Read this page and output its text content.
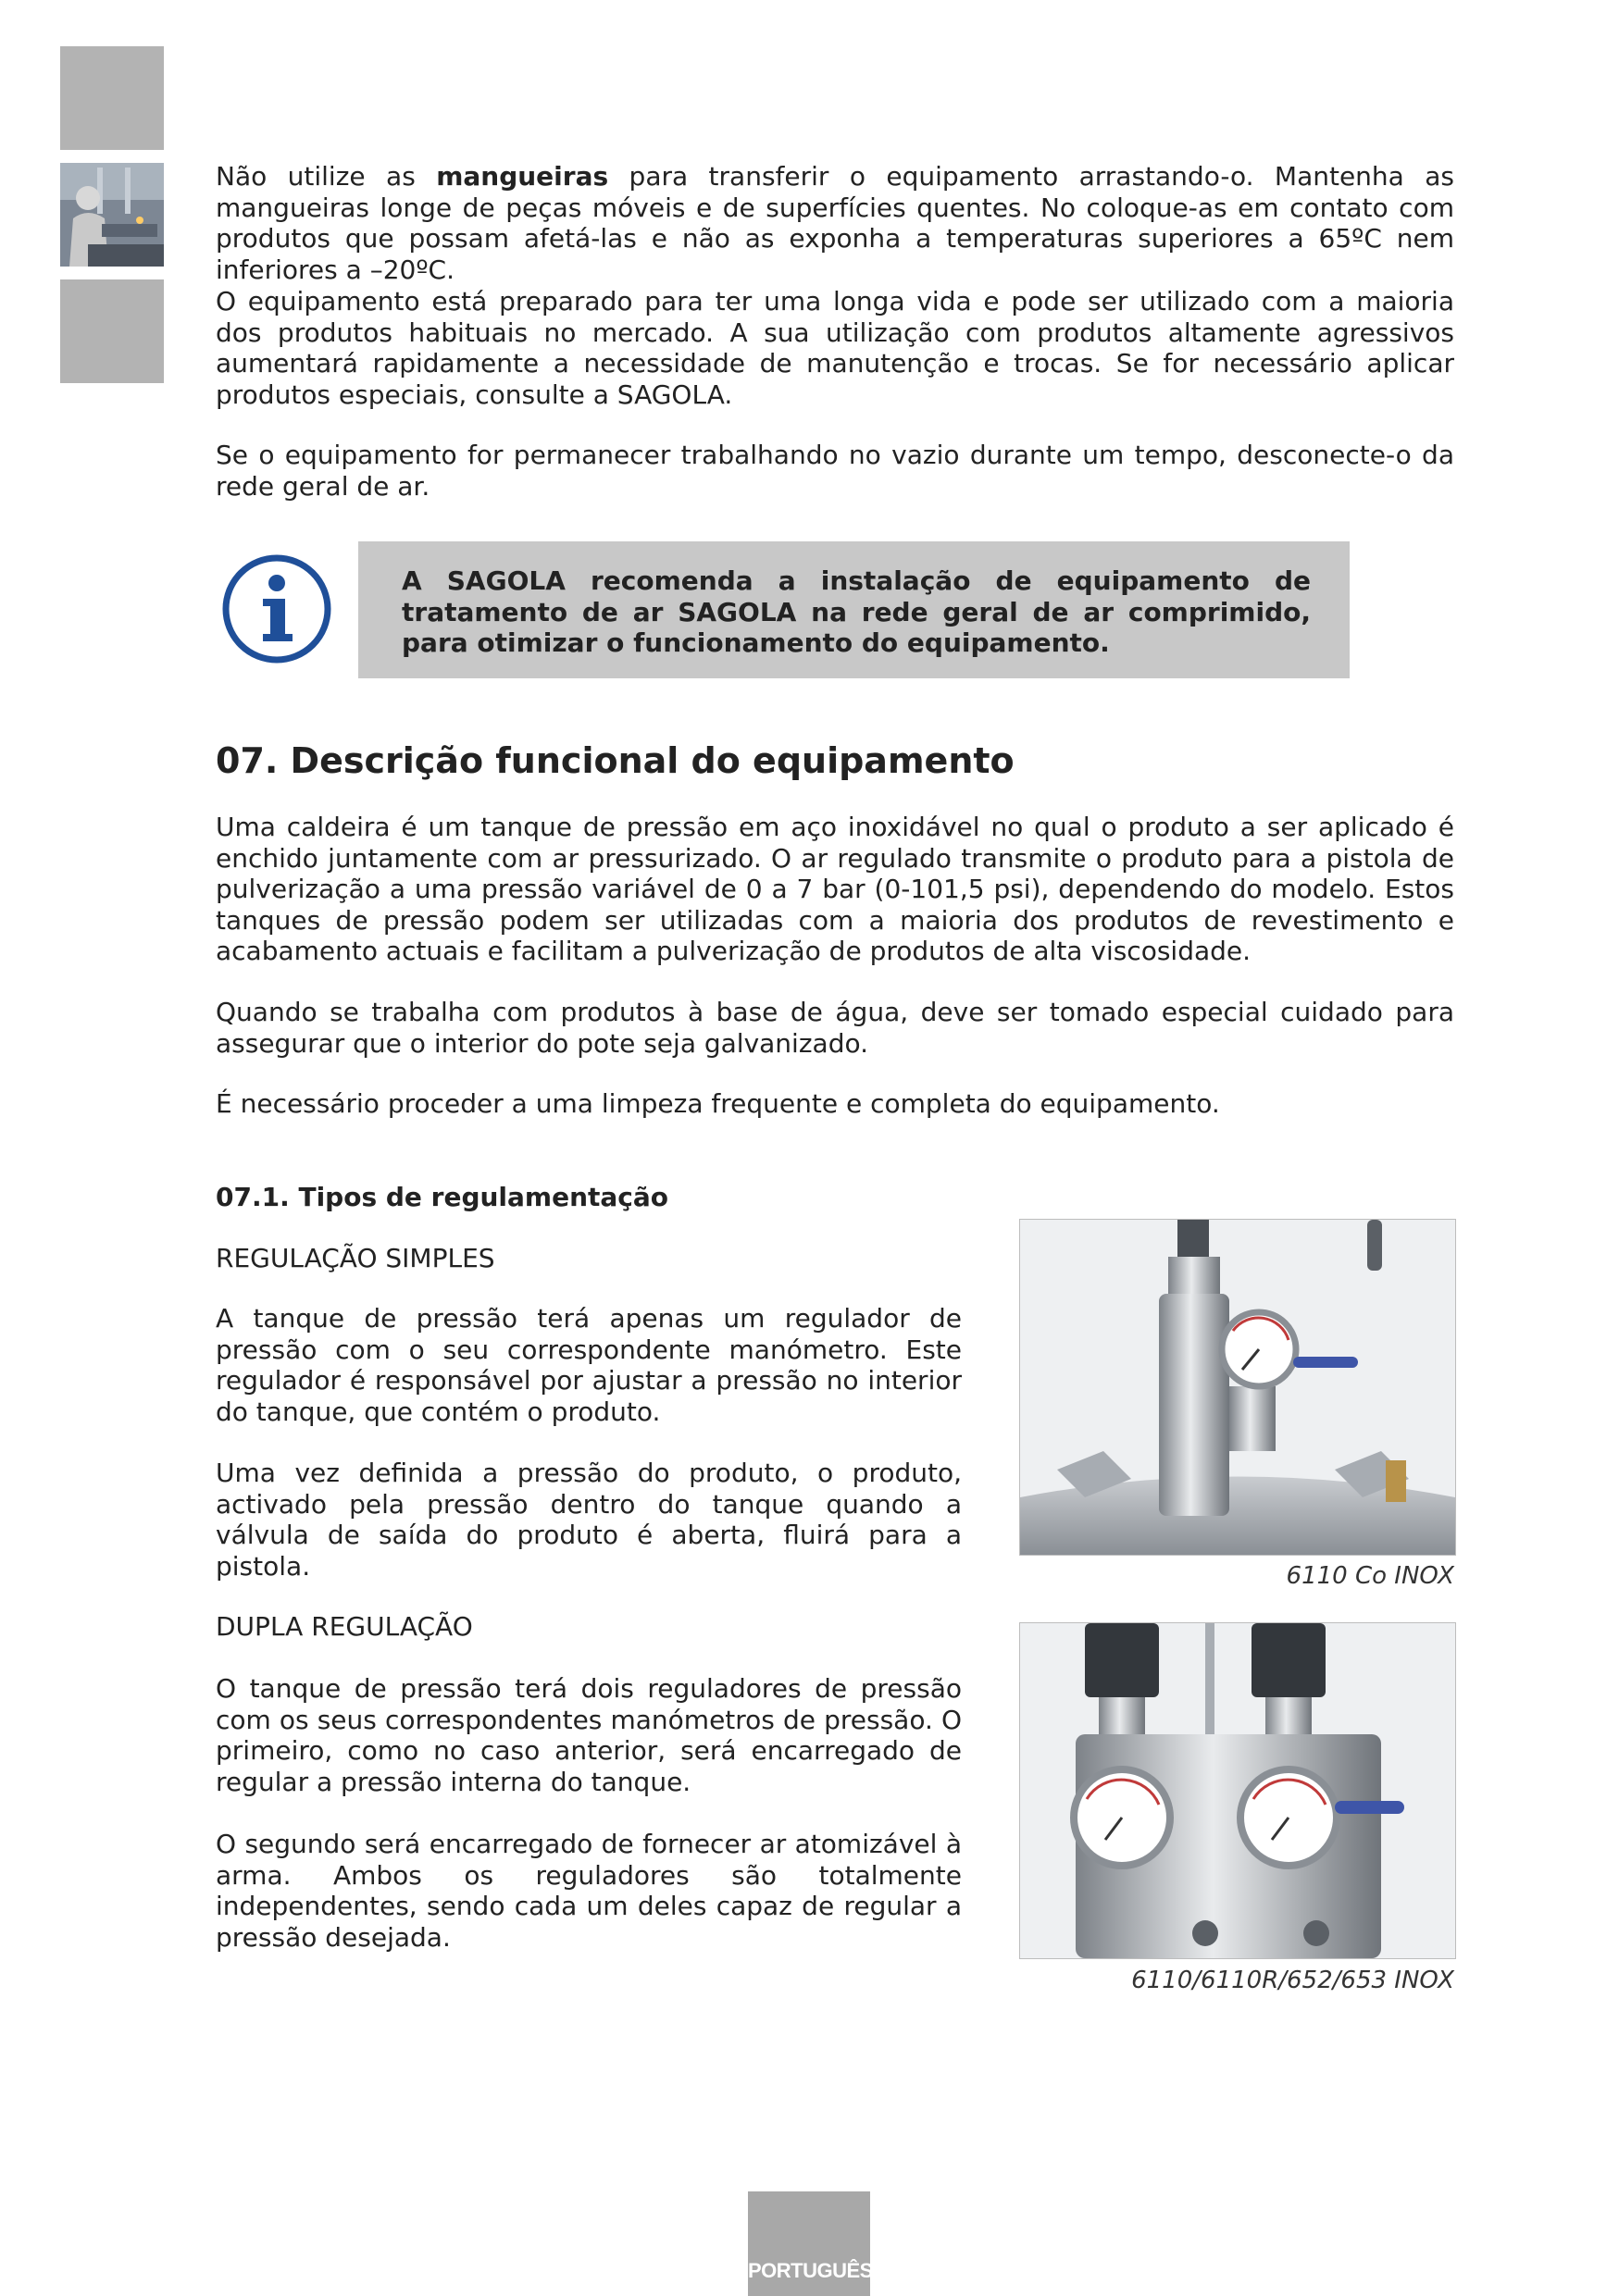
Não utilize as mangueiras para transferir o equipamento arrastando-o. Mantenha as mangueiras longe de peças móveis e de superfícies quentes. No coloque-as em contato com produtos que possam afetá-las e não as exponha a temperaturas superiores a 65ºC nem inferiores a –20ºC.

O equipamento está preparado para ter uma longa vida e pode ser utilizado com a maioria dos produtos habituais no mercado. A sua utilização com produtos altamente agressivos aumentará rapidamente a necessidade de manutenção e trocas. Se for necessário aplicar produtos especiais, consulte a SAGOLA.

Se o equipamento for permanecer trabalhando no vazio durante um tempo, desconecte-o da rede geral de ar.

A SAGOLA recomenda a instalação de equipamento de tratamento de ar SAGOLA na rede geral de ar comprimido, para otimizar o funcionamento do equipamento.

07. Descrição funcional do equipamento

Uma caldeira é um tanque de pressão em aço inoxidável no qual o produto a ser aplicado é enchido juntamente com ar pressurizado. O ar regulado transmite o produto para a pistola de pulverização a uma pressão variável de 0 a 7 bar (0-101,5 psi), dependendo do modelo. Estos tanques de pressão podem ser utilizadas com a maioria dos produtos de revestimento e acabamento actuais e facilitam a pulverização de produtos de alta viscosidade.

Quando se trabalha com produtos à base de água, deve ser tomado especial cuidado para assegurar que o interior do pote seja galvanizado.

É necessário proceder a uma limpeza frequente e completa do equipamento.

07.1. Tipos de regulamentação

REGULAÇÃO SIMPLES

A tanque de pressão terá apenas um regulador de pressão com o seu correspondente manómetro. Este regulador é responsável por ajustar a pressão no interior do tanque, que contém o produto.

Uma vez definida a pressão do produto, o produto, activado pela pressão dentro do tanque quando a válvula de saída do produto é aberta, fluirá para a pistola.	6110 Co INOX

DUPLA REGULAÇÃO

O tanque de pressão terá dois reguladores de pressão com os seus correspondentes manómetros de pressão. O primeiro, como no caso anterior, será encarregado de regular a pressão interna do tanque.

O segundo será encarregado de fornecer ar atomizável à arma. Ambos os reguladores são totalmente independentes, sendo cada um deles capaz de regular a pressão desejada.

6110/6110R/652/653 INOX

PORTUGUÊS
